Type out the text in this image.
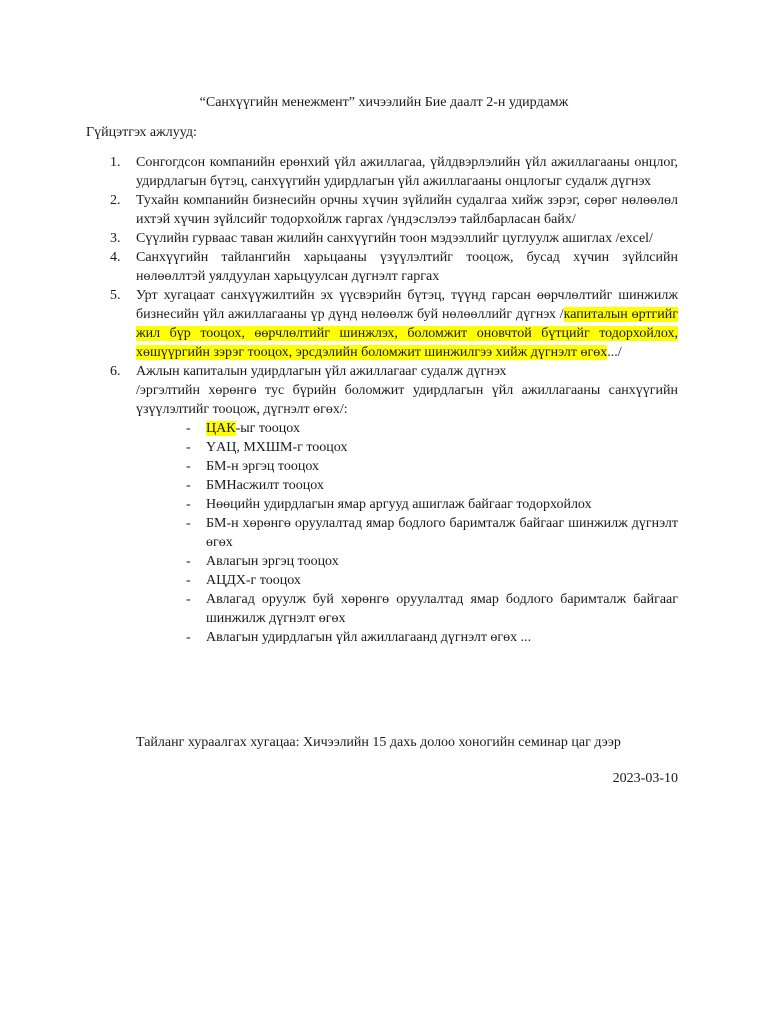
“Санхүүгийн менежмент” хичээлийн Бие даалт 2-н удирдамж
Гүйцэтгэх ажлууд:
1. Сонгогдсон компанийн ерөнхий үйл ажиллагаа, үйлдвэрлэлийн үйл ажиллагааны онцлог, удирдлагын бүтэц, санхүүгийн удирдлагын үйл ажиллагааны онцлогыг судалж дүгнэх
2. Тухайн компанийн бизнесийн орчны хүчин зүйлийн судалгаа хийж зэрэг, сөрөг нөлөөлөл ихтэй хүчин зүйлсийг тодорхойлж гаргах /үндэслэлээ тайлбарласан байх/
3. Сүүлийн гурваас таван жилийн санхүүгийн тоон мэдээллийг цуглуулж ашиглах /excel/
4. Санхүүгийн тайлангийн харьцааны үзүүлэлтийг тооцож, бусад хүчин зүйлсийн нөлөөллтэй уялдуулан харьцуулсан дүгнэлт гаргах
5. Урт хугацаат санхүүжилтийн эх үүсвэрийн бүтэц, түүнд гарсан өөрчлөлтийг шинжилж бизнесийн үйл ажиллагааны үр дүнд нөлөөлж буй нөлөөллийг дүгнэх /капиталын өртгийг жил бүр тооцох, өөрчлөлтийг шинжлэх, боломжит оновчтой бүтцийг тодорхойлох, хөшүүргийн зэрэг тооцох, эрсдэлийн боломжит шинжилгээ хийж дүгнэлт өгөх.../
6. Ажлын капиталын удирдлагын үйл ажиллагааг судалж дүгнэх
/эргэлтийн хөрөнгө тус бүрийн боломжит удирдлагын үйл ажиллагааны санхүүгийн үзүүлэлтийг тооцож, дүгнэлт өгөх/:
- ЦАК-ыг тооцох
- ҮАЦ, МХШМ-г тооцох
- БМ-н эргэц тооцох
- БМНасжилт тооцох
- Нөөцийн удирдлагын ямар аргууд ашиглаж байгааг тодорхойлох
- БМ-н хөрөнгө оруулалтад ямар бодлого баримталж байгааг шинжилж дүгнэлт өгөх
- Авлагын эргэц тооцох
- АЦДХ-г тооцох
- Авлагад оруулж буй хөрөнгө оруулалтад ямар бодлого баримталж байгааг шинжилж дүгнэлт өгөх
- Авлагын удирдлагын үйл ажиллагаанд дүгнэлт өгөх ...
Тайланг хураалгах хугацаа: Хичээлийн 15 дахь долоо хоногийн семинар цаг дээр
2023-03-10
